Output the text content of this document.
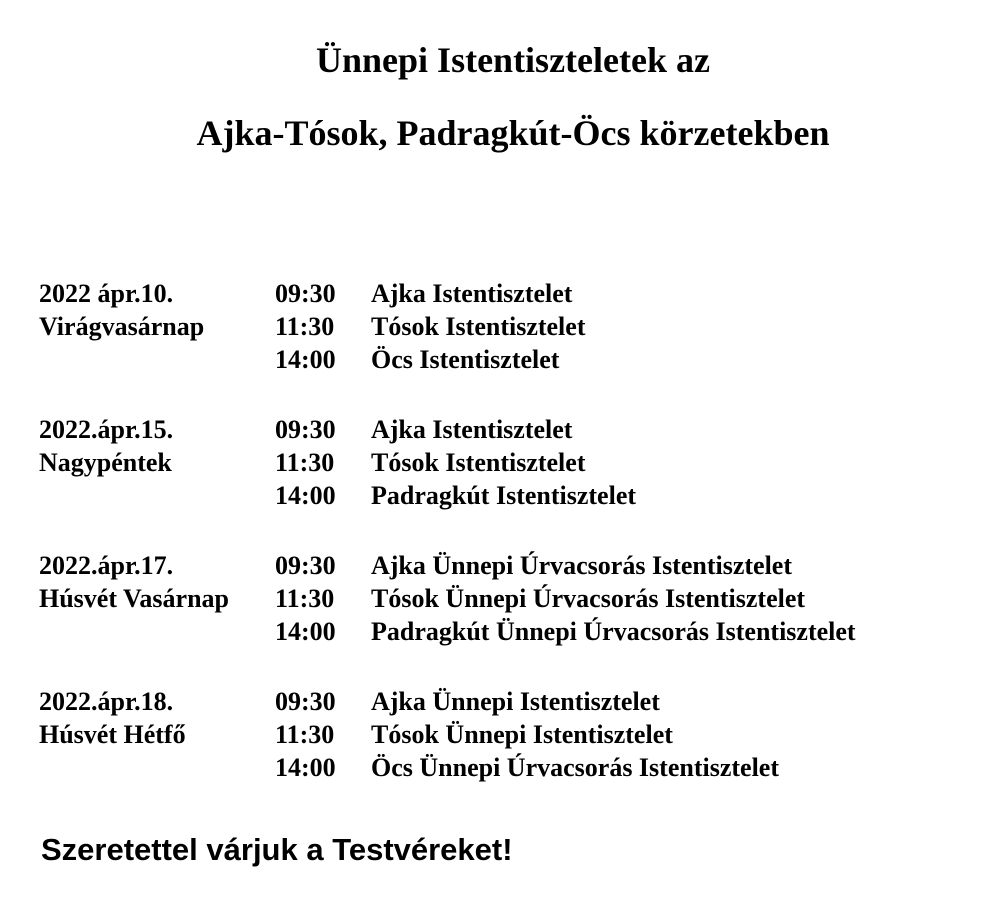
Ünnepi Istentiszteletek az
Ajka-Tósok, Padragkút-Öcs körzetekben
2022 ápr.10.	09:30	Ajka Istentisztelet
Virágvasárnap	11:30	Tósok Istentisztelet
14:00	Öcs Istentisztelet
2022.ápr.15.	09:30	Ajka Istentisztelet
Nagypéntek	11:30	Tósok Istentisztelet
14:00	Padragkút Istentisztelet
2022.ápr.17.	09:30	Ajka Ünnepi Úrvacsorás Istentisztelet
Húsvét Vasárnap	11:30	Tósok Ünnepi Úrvacsorás Istentisztelet
14:00	Padragkút Ünnepi Úrvacsorás Istentisztelet
2022.ápr.18.	09:30	Ajka Ünnepi Istentisztelet
Húsvét Hétfő	11:30	Tósok Ünnepi Istentisztelet
14:00	Öcs Ünnepi Úrvacsorás Istentisztelet

Szeretettel várjuk a Testvéreket!
